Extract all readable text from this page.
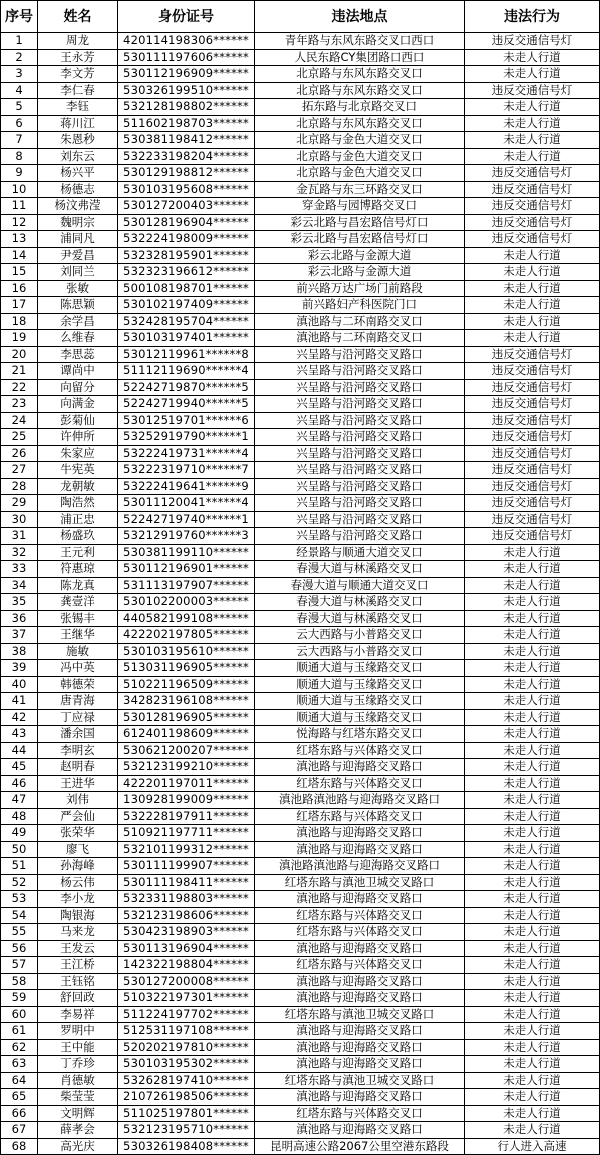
序号	姓名	身份证号	违法地点	违法行为
1	周龙	420114198306******	青年路与东风东路交叉口西口	违反交通信号灯
2	王永芳	530111197606******	人民东路CY集团路口西口	未走人行道
3	李文芳	530112196909******	北京路与东风东路交叉口	未走人行道
4	李仁春	530326199510******	北京路与东风东路交叉口	违反交通信号灯
5	李钰	532128198802******	拓东路与北京路交叉口	未走人行道
6	蒋川江	511602198703******	北京路与东风东路交叉口	未走人行道
7	朱恩秒	530381198412******	北京路与金色大道交叉口	未走人行道
8	刘东云	532233198204******	北京路与金色大道交叉口	未走人行道
9	杨兴平	530129198812******	北京路与金色大道交叉口	违反交通信号灯
10	杨德志	530103195608******	金瓦路与东三环路交叉口	违反交通信号灯
11	杨汶弗滢	530127200403******	穿金路与园博路交叉口	违反交通信号灯
12	魏明宗	530128196904******	彩云北路与昌宏路信号灯口	违反交通信号灯
13	浦同凡	532224198009******	彩云北路与昌宏路信号灯口	违反交通信号灯
14	尹爱昌	532328195901******	彩云北路与金源大道	未走人行道
15	刘同兰	532323196612******	彩云北路与金源大道	未走人行道
16	张敏	500108198701******	前兴路万达广场门前路段	未走人行道
17	陈思颖	530102197409******	前兴路妇产科医院门口	未走人行道
18	余学昌	532428195704******	滇池路与二环南路交叉口	未走人行道
19	么维春	530103197401******	滇池路与二环南路交叉口	未走人行道
20	李思蕊	53012119961******8	兴呈路与沿河路交叉路口	违反交通信号灯
21	谭尚中	51112119690******4	兴呈路与沿河路交叉路口	违反交通信号灯
22	向留分	52242719870******5	兴呈路与沿河路交叉路口	违反交通信号灯
23	向满金	52242719940******5	兴呈路与沿河路交叉路口	违反交通信号灯
24	彭菊仙	53012519701******6	兴呈路与沿河路交叉路口	违反交通信号灯
25	许伸所	53252919790******1	兴呈路与沿河路交叉路口	违反交通信号灯
26	朱家应	53222419731******4	兴呈路与沿河路交叉路口	违反交通信号灯
27	牛宪英	53222319710******7	兴呈路与沿河路交叉路口	违反交通信号灯
28	龙朝敏	53222419641******9	兴呈路与沿河路交叉路口	违反交通信号灯
29	陶浩然	53011120041******4	兴呈路与沿河路交叉路口	违反交通信号灯
30	浦正忠	52242719740******1	兴呈路与沿河路交叉路口	违反交通信号灯
31	杨盛玖	53212919760******3	兴呈路与沿河路交叉路口	违反交通信号灯
32	王元利	530381199110******	经景路与顺通大道交叉口	未走人行道
33	符惠琼	530112196901******	春漫大道与林溪路交叉口	未走人行道
34	陈龙真	531113197907******	春漫大道与顺通大道交叉口	未走人行道
35	龚壹洋	530102200003******	春漫大道与林溪路交叉口	未走人行道
36	张锡丰	440582199108******	春漫大道与林溪路交叉口	未走人行道
37	王继华	422202197805******	云大西路与小普路交叉口	未走人行道
38	施敏	530103195610******	云大西路与小普路交叉口	未走人行道
39	冯中英	513031196905******	顺通大道与玉缘路交叉口	未走人行道
40	韩德荣	510221196509******	顺通大道与玉缘路交叉口	未走人行道
41	唐青海	342823196108******	顺通大道与玉缘路交叉口	未走人行道
42	丁应禄	530128196905******	顺通大道与玉缘路交叉口	未走人行道
43	潘余国	612401198609******	悦海路与红塔东路交叉口	未走人行道
44	李明玄	530621200207******	红塔东路与兴体路交叉口	未走人行道
45	赵明春	532123199210******	滇池路与迎海路交叉路口	未走人行道
46	王进华	422201197011******	红塔东路与兴体路交叉口	未走人行道
47	刘伟	130928199009******	滇池路滇池路与迎海路交叉路口	未走人行道
48	严会仙	532228197911******	红塔东路与兴体路交叉口	未走人行道
49	张荣华	510921197711******	滇池路与迎海路交叉路口	未走人行道
50	廖飞	532101199312******	滇池路与迎海路交叉路口	未走人行道
51	孙海峰	530111199907******	滇池路滇池路与迎海路交叉路口	未走人行道
52	杨云伟	530111198411******	红塔东路与滇池卫城交叉路口	未走人行道
53	李小龙	532331198803******	滇池路与迎海路交叉路口	未走人行道
54	陶银海	532123198606******	红塔东路与兴体路交叉口	未走人行道
55	马来龙	530423198903******	红塔东路与兴体路交叉口	未走人行道
56	王发云	530113196904******	滇池路与迎海路交叉路口	未走人行道
57	王江桥	142322198804******	红塔东路与兴体路交叉口	未走人行道
58	王钰铭	530127200008******	滇池路与迎海路交叉路口	未走人行道
59	舒回政	510322197301******	滇池路与迎海路交叉路口	未走人行道
60	李易祥	511224197702******	红塔东路与滇池卫城交叉路口	未走人行道
61	罗明中	512531197108******	滇池路与迎海路交叉路口	未走人行道
62	王中能	520202197810******	滇池路与迎海路交叉路口	未走人行道
63	丁乔珍	530103195302******	滇池路与迎海路交叉路口	未走人行道
64	肖德敏	532628197410******	红塔东路与滇池卫城交叉路口	未走人行道
65	柴莹莹	210726198506******	滇池路与迎海路交叉路口	未走人行道
66	文明辉	511025197801******	红塔东路与兴体路交叉口	未走人行道
67	薛孝会	532123195710******	滇池路与迎海路交叉路口	未走人行道
68	高光庆	530326198408******	昆明高速公路2067公里空港东路段	行人进入高速
